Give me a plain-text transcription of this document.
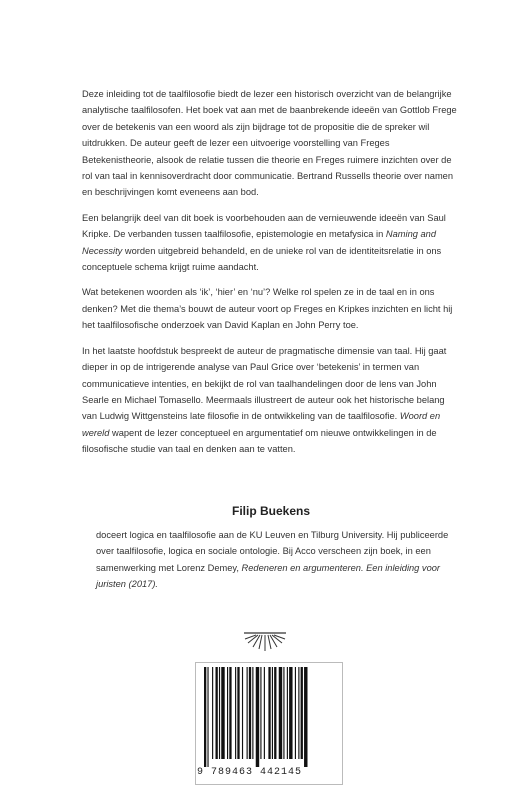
Deze inleiding tot de taalfilosofie biedt de lezer een historisch overzicht van de belangrijke analytische taalfilosofen. Het boek vat aan met de baanbrekende ideeën van Gottlob Frege over de betekenis van een woord als zijn bijdrage tot de propositie die de spreker wil uitdrukken. De auteur geeft de lezer een uitvoerige voorstelling van Freges Betekenistheorie, alsook de relatie tussen die theorie en Freges ruimere inzichten over de rol van taal in kennisoverdracht door communicatie. Bertrand Russells theorie over namen en beschrijvingen komt eveneens aan bod.

Een belangrijk deel van dit boek is voorbehouden aan de vernieuwende ideeën van Saul Kripke. De verbanden tussen taalfilosofie, epistemologie en metafysica in Naming and Necessity worden uitgebreid behandeld, en de unieke rol van de identiteitsrelatie in ons conceptuele schema krijgt ruime aandacht.

Wat betekenen woorden als ‘ik’, ‘hier’ en ‘nu’? Welke rol spelen ze in de taal en in ons denken? Met die thema’s bouwt de auteur voort op Freges en Kripkes inzichten en licht hij het taalfilosofische onderzoek van David Kaplan en John Perry toe.

In het laatste hoofdstuk bespreekt de auteur de pragmatische dimensie van taal. Hij gaat dieper in op de intrigerende analyse van Paul Grice over ‘betekenis’ in termen van communicatieve intenties, en bekijkt de rol van taalhandelingen door de lens van John Searle en Michael Tomasello. Meermaals illustreert de auteur ook het historische belang van Ludwig Wittgensteins late filosofie in de ontwikkeling van de taalfilosofie. Woord en wereld wapent de lezer conceptueel en argumentatief om nieuwe ontwikkelingen in de filosofische studie van taal en denken aan te vatten.

Filip Buekens

doceert logica en taalfilosofie aan de KU Leuven en Tilburg University. Hij publiceerde over taalfilosofie, logica en sociale ontologie. Bij Acco verscheen zijn boek, in een samenwerking met Lorenz Demey, Redeneren en argumenteren. Een inleiding voor juristen (2017).

9 789463 442145
